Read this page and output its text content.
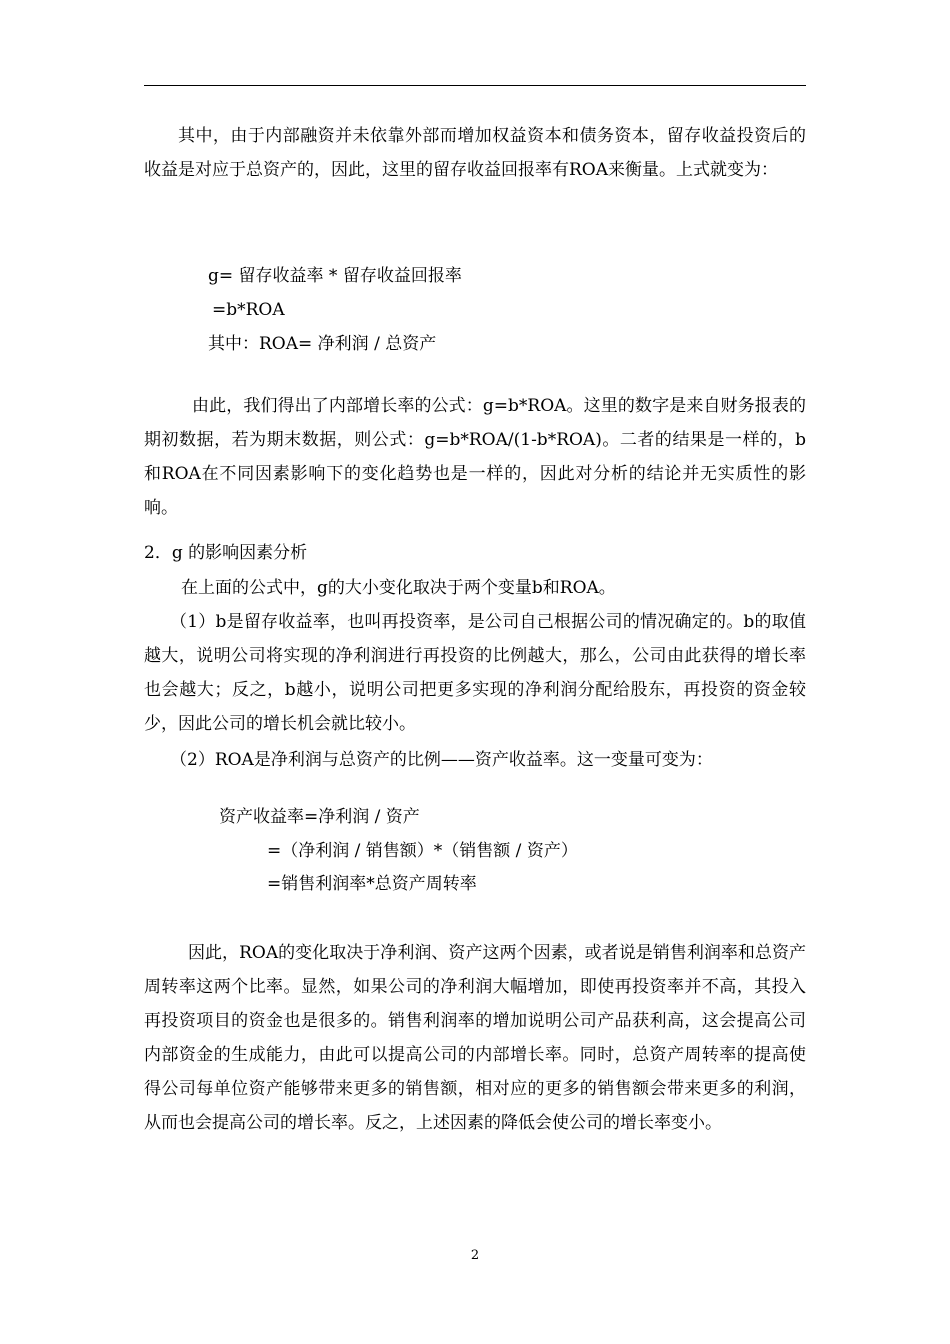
其中，由于内部融资并未依靠外部而增加权益资本和债务资本，留存收益投资后的收益是对应于总资产的，因此，这里的留存收益回报率有ROA来衡量。上式就变为：

g= 留存收益率 * 留存收益回报率
=b*ROA
其中：ROA= 净利润 / 总资产

由此，我们得出了内部增长率的公式：g=b*ROA。这里的数字是来自财务报表的期初数据，若为期末数据，则公式：g=b*ROA/(1-b*ROA)。二者的结果是一样的，b和ROA在不同因素影响下的变化趋势也是一样的，因此对分析的结论并无实质性的影响。

2．g 的影响因素分析

在上面的公式中，g的大小变化取决于两个变量b和ROA。

（1）b是留存收益率，也叫再投资率，是公司自己根据公司的情况确定的。b的取值越大，说明公司将实现的净利润进行再投资的比例越大，那么，公司由此获得的增长率也会越大；反之，b越小，说明公司把更多实现的净利润分配给股东，再投资的资金较少，因此公司的增长机会就比较小。

（2）ROA是净利润与总资产的比例——资产收益率。这一变量可变为：

资产收益率=净利润 / 资产
=（净利润 / 销售额）*（销售额 / 资产）
=销售利润率*总资产周转率

因此，ROA的变化取决于净利润、资产这两个因素，或者说是销售利润率和总资产周转率这两个比率。显然，如果公司的净利润大幅增加，即使再投资率并不高，其投入再投资项目的资金也是很多的。销售利润率的增加说明公司产品获利高，这会提高公司内部资金的生成能力，由此可以提高公司的内部增长率。同时，总资产周转率的提高使得公司每单位资产能够带来更多的销售额，相对应的更多的销售额会带来更多的利润，从而也会提高公司的增长率。反之，上述因素的降低会使公司的增长率变小。

2
